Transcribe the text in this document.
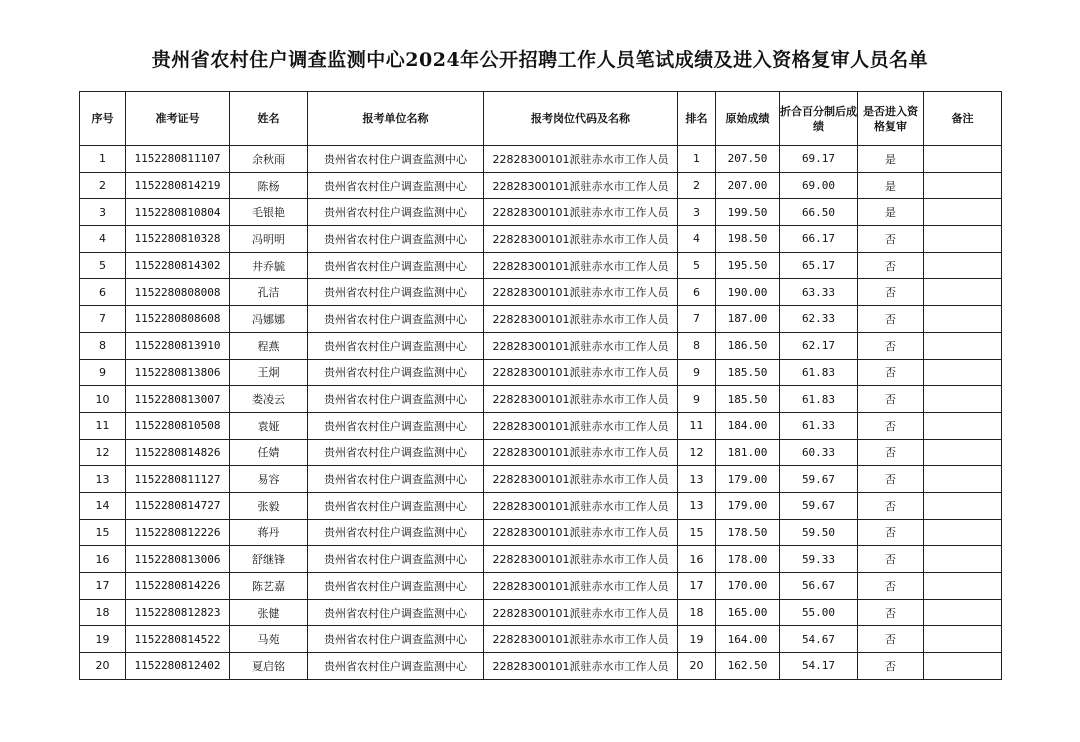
贵州省农村住户调查监测中心2024年公开招聘工作人员笔试成绩及进入资格复审人员名单
序号	准考证号	姓名	报考单位名称	报考岗位代码及名称	排名	原始成绩	折合百分制后成绩	是否进入资格复审	备注
1	1152280811107	余秋雨	贵州省农村住户调查监测中心	22828300101派驻赤水市工作人员	1	207.50	69.17	是	
2	1152280814219	陈杨	贵州省农村住户调查监测中心	22828300101派驻赤水市工作人员	2	207.00	69.00	是	
3	1152280810804	毛银艳	贵州省农村住户调查监测中心	22828300101派驻赤水市工作人员	3	199.50	66.50	是	
4	1152280810328	冯明明	贵州省农村住户调查监测中心	22828300101派驻赤水市工作人员	4	198.50	66.17	否	
5	1152280814302	井乔毓	贵州省农村住户调查监测中心	22828300101派驻赤水市工作人员	5	195.50	65.17	否	
6	1152280808008	孔洁	贵州省农村住户调查监测中心	22828300101派驻赤水市工作人员	6	190.00	63.33	否	
7	1152280808608	冯娜娜	贵州省农村住户调查监测中心	22828300101派驻赤水市工作人员	7	187.00	62.33	否	
8	1152280813910	程燕	贵州省农村住户调查监测中心	22828300101派驻赤水市工作人员	8	186.50	62.17	否	
9	1152280813806	王炯	贵州省农村住户调查监测中心	22828300101派驻赤水市工作人员	9	185.50	61.83	否	
10	1152280813007	娄凌云	贵州省农村住户调查监测中心	22828300101派驻赤水市工作人员	9	185.50	61.83	否	
11	1152280810508	袁娅	贵州省农村住户调查监测中心	22828300101派驻赤水市工作人员	11	184.00	61.33	否	
12	1152280814826	任婧	贵州省农村住户调查监测中心	22828300101派驻赤水市工作人员	12	181.00	60.33	否	
13	1152280811127	易容	贵州省农村住户调查监测中心	22828300101派驻赤水市工作人员	13	179.00	59.67	否	
14	1152280814727	张毅	贵州省农村住户调查监测中心	22828300101派驻赤水市工作人员	13	179.00	59.67	否	
15	1152280812226	蒋丹	贵州省农村住户调查监测中心	22828300101派驻赤水市工作人员	15	178.50	59.50	否	
16	1152280813006	舒继锋	贵州省农村住户调查监测中心	22828300101派驻赤水市工作人员	16	178.00	59.33	否	
17	1152280814226	陈艺嘉	贵州省农村住户调查监测中心	22828300101派驻赤水市工作人员	17	170.00	56.67	否	
18	1152280812823	张健	贵州省农村住户调查监测中心	22828300101派驻赤水市工作人员	18	165.00	55.00	否	
19	1152280814522	马苑	贵州省农村住户调查监测中心	22828300101派驻赤水市工作人员	19	164.00	54.67	否	
20	1152280812402	夏启铭	贵州省农村住户调查监测中心	22828300101派驻赤水市工作人员	20	162.50	54.17	否	
